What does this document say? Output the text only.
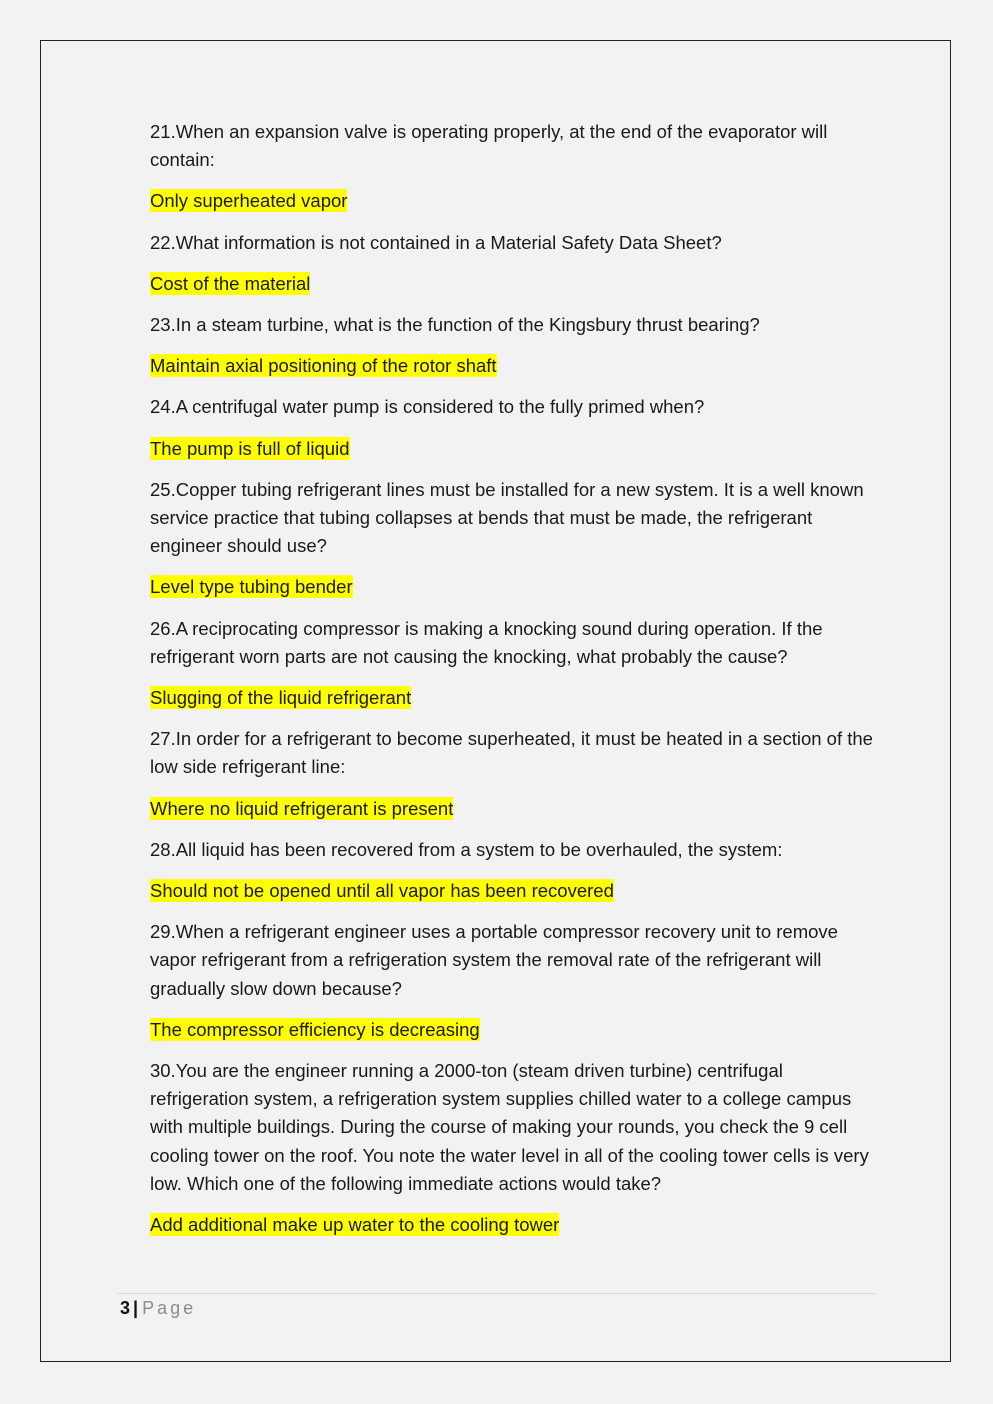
21.When an expansion valve is operating properly, at the end of the evaporator will contain:

Only superheated vapor

22.What information is not contained in a Material Safety Data Sheet?

Cost of the material

23.In a steam turbine, what is the function of the Kingsbury thrust bearing?

Maintain axial positioning of the rotor shaft

24.A centrifugal water pump is considered to the fully primed when?

The pump is full of liquid

25.Copper tubing refrigerant lines must be installed for a new system. It is a well known service practice that tubing collapses at bends that must be made, the refrigerant engineer should use?

Level type tubing bender

26.A reciprocating compressor is making a knocking sound during operation. If the refrigerant worn parts are not causing the knocking, what probably the cause?

Slugging of the liquid refrigerant

27.In order for a refrigerant to become superheated, it must be heated in a section of the low side refrigerant line:

Where no liquid refrigerant is present

28.All liquid has been recovered from a system to be overhauled, the system:

Should not be opened until all vapor has been recovered

29.When a refrigerant engineer uses a portable compressor recovery unit to remove vapor refrigerant from a refrigeration system the removal rate of the refrigerant will gradually slow down because?

The compressor efficiency is decreasing

30.You are the engineer running a 2000-ton (steam driven turbine) centrifugal refrigeration system, a refrigeration system supplies chilled water to a college campus with multiple buildings. During the course of making your rounds, you check the 9 cell cooling tower on the roof. You note the water level in all of the cooling tower cells is very low. Which one of the following immediate actions would take?

Add additional make up water to the cooling tower

3 | Page
